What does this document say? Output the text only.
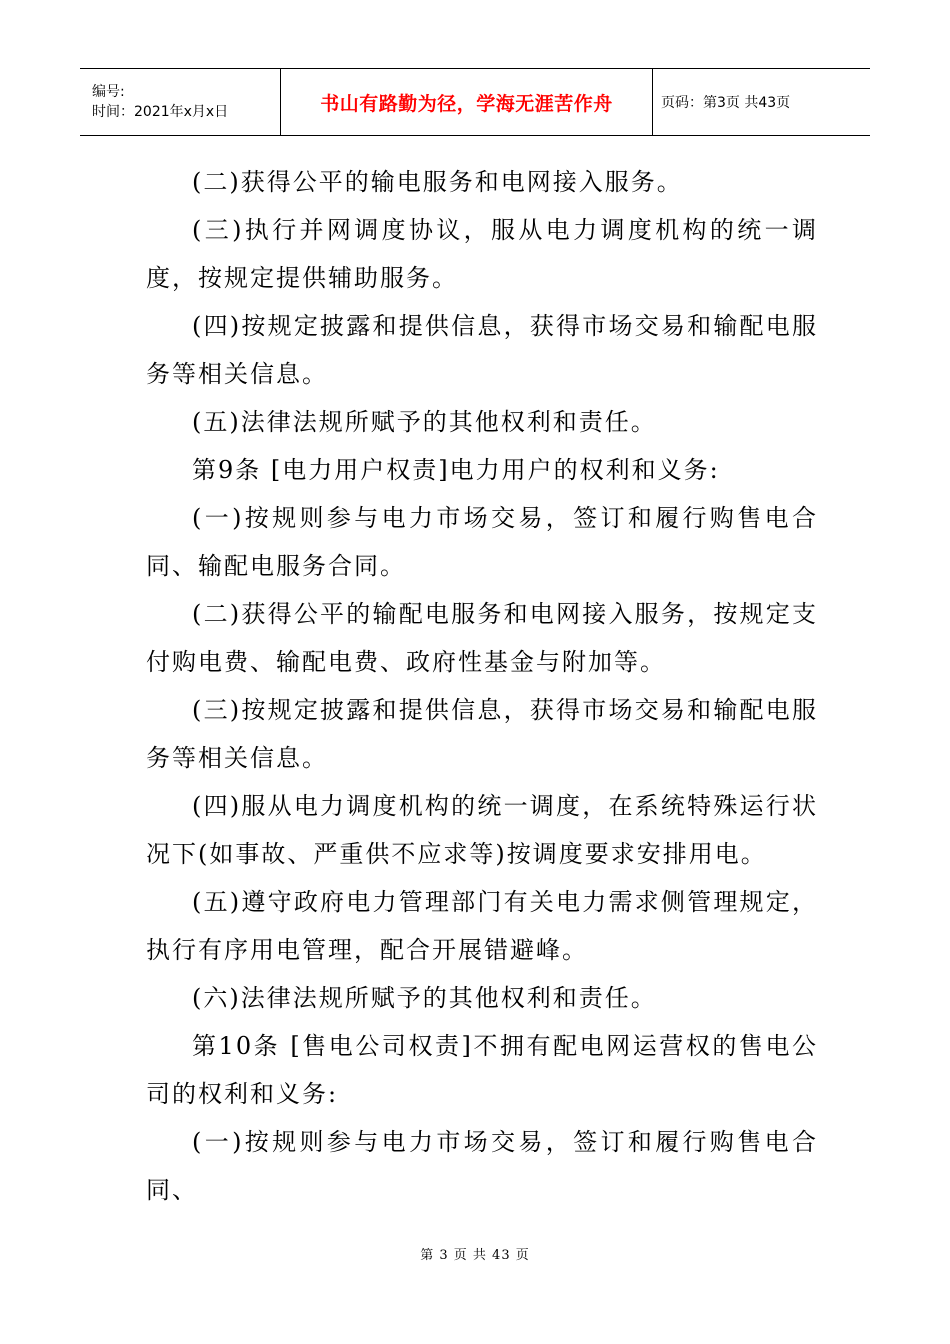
编号:
时间：2021年x月x日	书山有路勤为径，学海无涯苦作舟	页码：第3页 共43页

(二)获得公平的输电服务和电网接入服务。

(三)执行并网调度协议，服从电力调度机构的统一调度，按规定提供辅助服务。

(四)按规定披露和提供信息，获得市场交易和输配电服务等相关信息。

(五)法律法规所赋予的其他权利和责任。

第9条 [电力用户权责]电力用户的权利和义务:

(一)按规则参与电力市场交易，签订和履行购售电合同、输配电服务合同。

(二)获得公平的输配电服务和电网接入服务，按规定支付购电费、输配电费、政府性基金与附加等。

(三)按规定披露和提供信息，获得市场交易和输配电服务等相关信息。

(四)服从电力调度机构的统一调度，在系统特殊运行状况下(如事故、严重供不应求等)按调度要求安排用电。

(五)遵守政府电力管理部门有关电力需求侧管理规定，执行有序用电管理，配合开展错避峰。

(六)法律法规所赋予的其他权利和责任。

第10条 [售电公司权责]不拥有配电网运营权的售电公司的权利和义务:

(一)按规则参与电力市场交易，签订和履行购售电合同、

第 3 页 共 43 页
